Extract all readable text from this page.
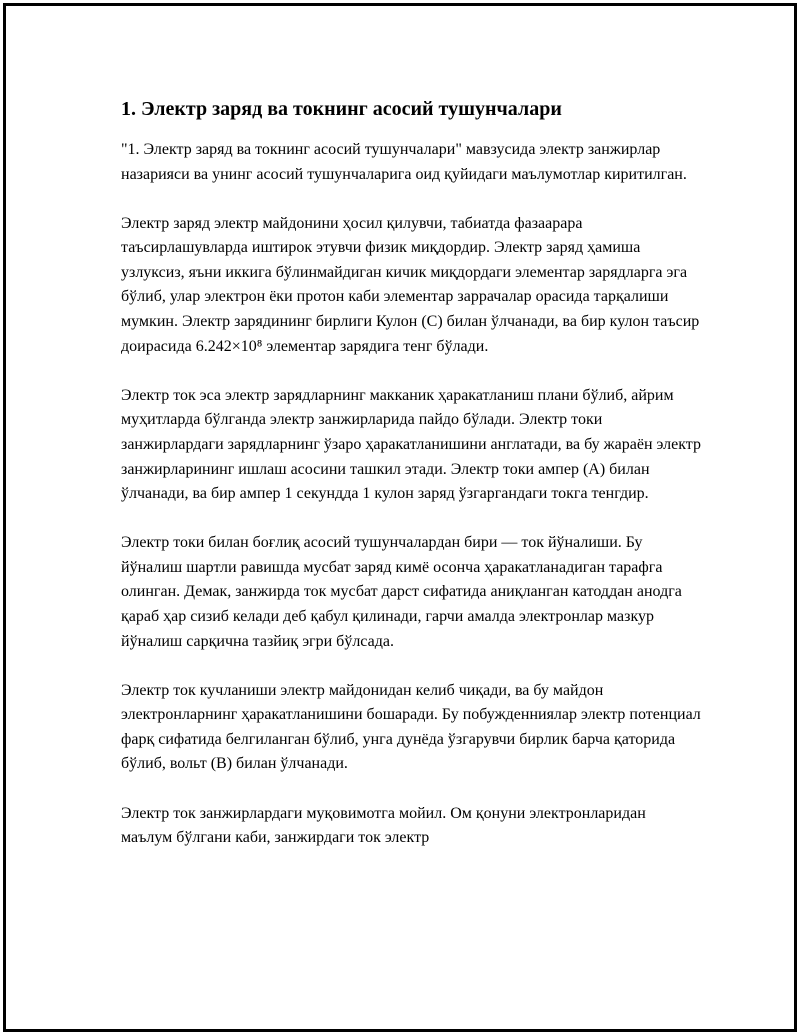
1. Электр заряд ва токнинг асосий тушунчалари

"1. Электр заряд ва токнинг асосий тушунчалари" мавзусида электр занжирлар назарияси ва унинг асосий тушунчаларига оид қуйидаги маълумотлар киритилган.

Электр заряд электр майдонини ҳосил қилувчи, табиатда фазаарара таъсирлашувларда иштирок этувчи физик миқдордир. Электр заряд ҳамиша узлуксиз, яъни иккига бўлинмайдиган кичик миқдордаги элементар зарядларга эга бўлиб, улар электрон ёки протон каби элементар заррачалар орасида тарқалиши мумкин. Электр зарядининг бирлиги Кулон (C) билан ўлчанади, ва бир кулон таъсир доирасида 6.242×10⁸ элементар зарядига тенг бўлади.

Электр ток эса электр зарядларнинг макканик ҳаракатланиш плани бўлиб, айрим муҳитларда бўлганда электр занжирларида пайдо бўлади. Электр токи занжирлардаги зарядларнинг ўзаро ҳаракатланишини англатади, ва бу жараён электр занжирларининг ишлаш асосини ташкил этади. Электр токи ампер (A) билан ўлчанади, ва бир ампер 1 секундда 1 кулон заряд ўзгаргандаги токга тенгдир.

Электр токи билан боғлиқ асосий тушунчалардан бири — ток йўналиши. Бу йўналиш шартли равишда мусбат заряд кимё осонча ҳаракатланадиган тарафга олинган. Демак, занжирда ток мусбат дарст сифатида аниқланган катоддан анодга қараб ҳар сизиб келади деб қабул қилинади, гарчи амалда электронлар мазкур йўналиш сарқична тазйиқ эгри бўлсада.

Электр ток кучланиши электр майдонидан келиб чиқади, ва бу майдон электронларнинг ҳаракатланишини бошаради. Бу побужденниялар электр потенциал фарқ сифатида белгиланган бўлиб, унга дунёда ўзгарувчи бирлик барча қаторида бўлиб, вольт (В) билан ўлчанади.

Электр ток занжирлардаги муқовимотга мойил. Ом қонуни электронларидан маълум бўлгани каби, занжирдаги ток электр
